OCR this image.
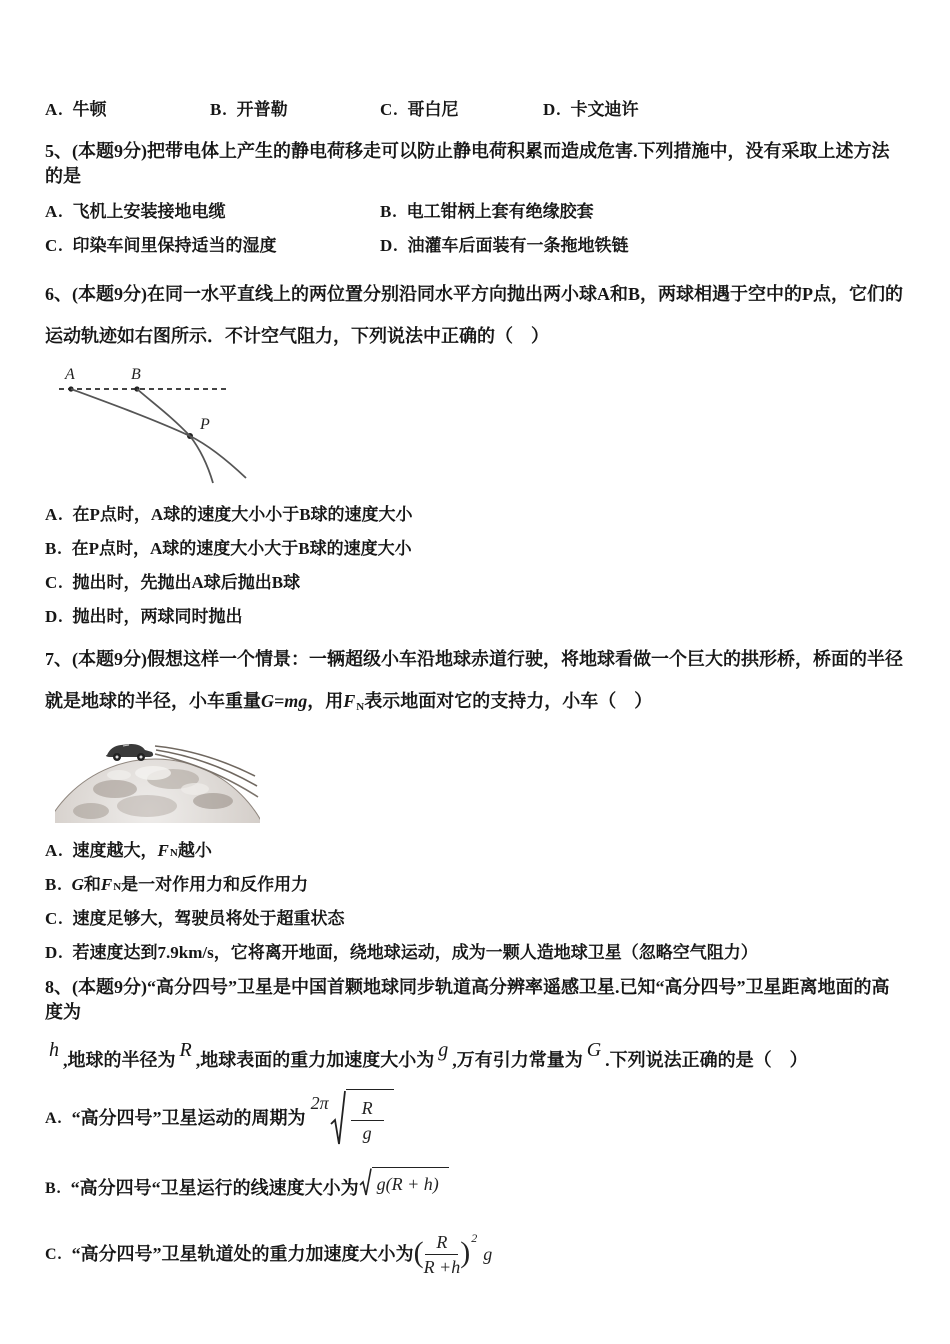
A. 牛顿	B. 开普勒	C. 哥白尼	D. 卡文迪许

5、(本题9分)把带电体上产生的静电荷移走可以防止静电荷积累而造成危害.下列措施中，没有采取上述方法的是

A. 飞机上安装接地电缆	B. 电工钳柄上套有绝缘胶套
C. 印染车间里保持适当的湿度	D. 油灌车后面装有一条拖地铁链

6、(本题9分)在同一水平直线上的两位置分别沿同水平方向抛出两小球A和B，两球相遇于空中的P点，它们的运动轨迹如右图所示．不计空气阻力，下列说法中正确的（　）

A	B
P
A. 在P点时，A球的速度大小小于B球的速度大小
B. 在P点时，A球的速度大小大于B球的速度大小
C. 抛出时，先抛出A球后抛出B球
D. 抛出时，两球同时抛出

7、(本题9分)假想这样一个情景：一辆超级小车沿地球赤道行驶，将地球看做一个巨大的拱形桥，桥面的半径就是地球的半径，小车重量G=mg，用FN表示地面对它的支持力，小车（　）

A. 速度越大， F N 越小
B. G 和 F N 是一对作用力和反作用力
C. 速度足够大，驾驶员将处于超重状态
D. 若速度达到7.9km/s，它将离开地面，绕地球运动，成为一颗人造地球卫星（忽略空气阻力）

8、(本题9分)“高分四号”卫星是中国首颗地球同步轨道高分辨率遥感卫星.已知“高分四号”卫星距离地面的高度为

h ,地球的半径为 R ,地球表面的重力加速度大小为 g ,万有引力常量为 G .下列说法正确的是（　）

A. “高分四号”卫星运动的周期为
$2\pi \frac{R}{g}$
B. “高分四号“卫星运行的线速度大小为 g(R + h)
C. “高分四号”卫星轨道处的重力加速度大小为 ( $\frac{R}{R +h}$ ) 2
g
